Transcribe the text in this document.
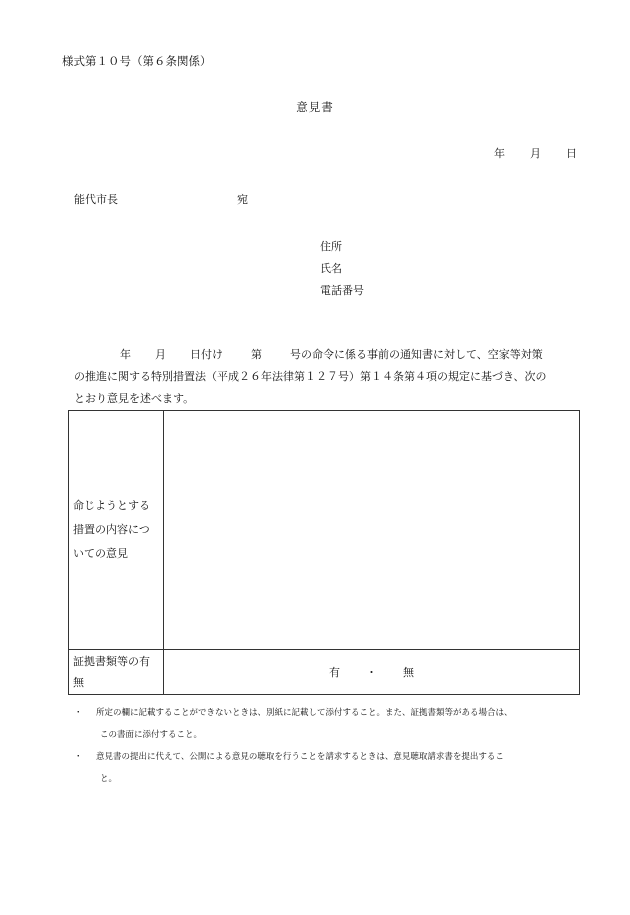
様式第１０号（第６条関係）
意見書
年 月 日
能代市長	宛
住所
氏名
電話番号
年 月 日付け	第	号の命令に係る事前の通知書に対して、空家等対策
の推進に関する特別措置法（平成２６年法律第１２７号）第１４条第４項の規定に基づき、次の
とおり意見を述べます。
命じようとする措置の内容についての意見	

証拠書類等の有無	有 ・ 無
・ 所定の欄に記載することができないときは、別紙に記載して添付すること。また、証拠書類等がある場合は、
この書面に添付すること。
・ 意見書の提出に代えて、公開による意見の聴取を行うことを請求するときは、意見聴取請求書を提出するこ
と。
